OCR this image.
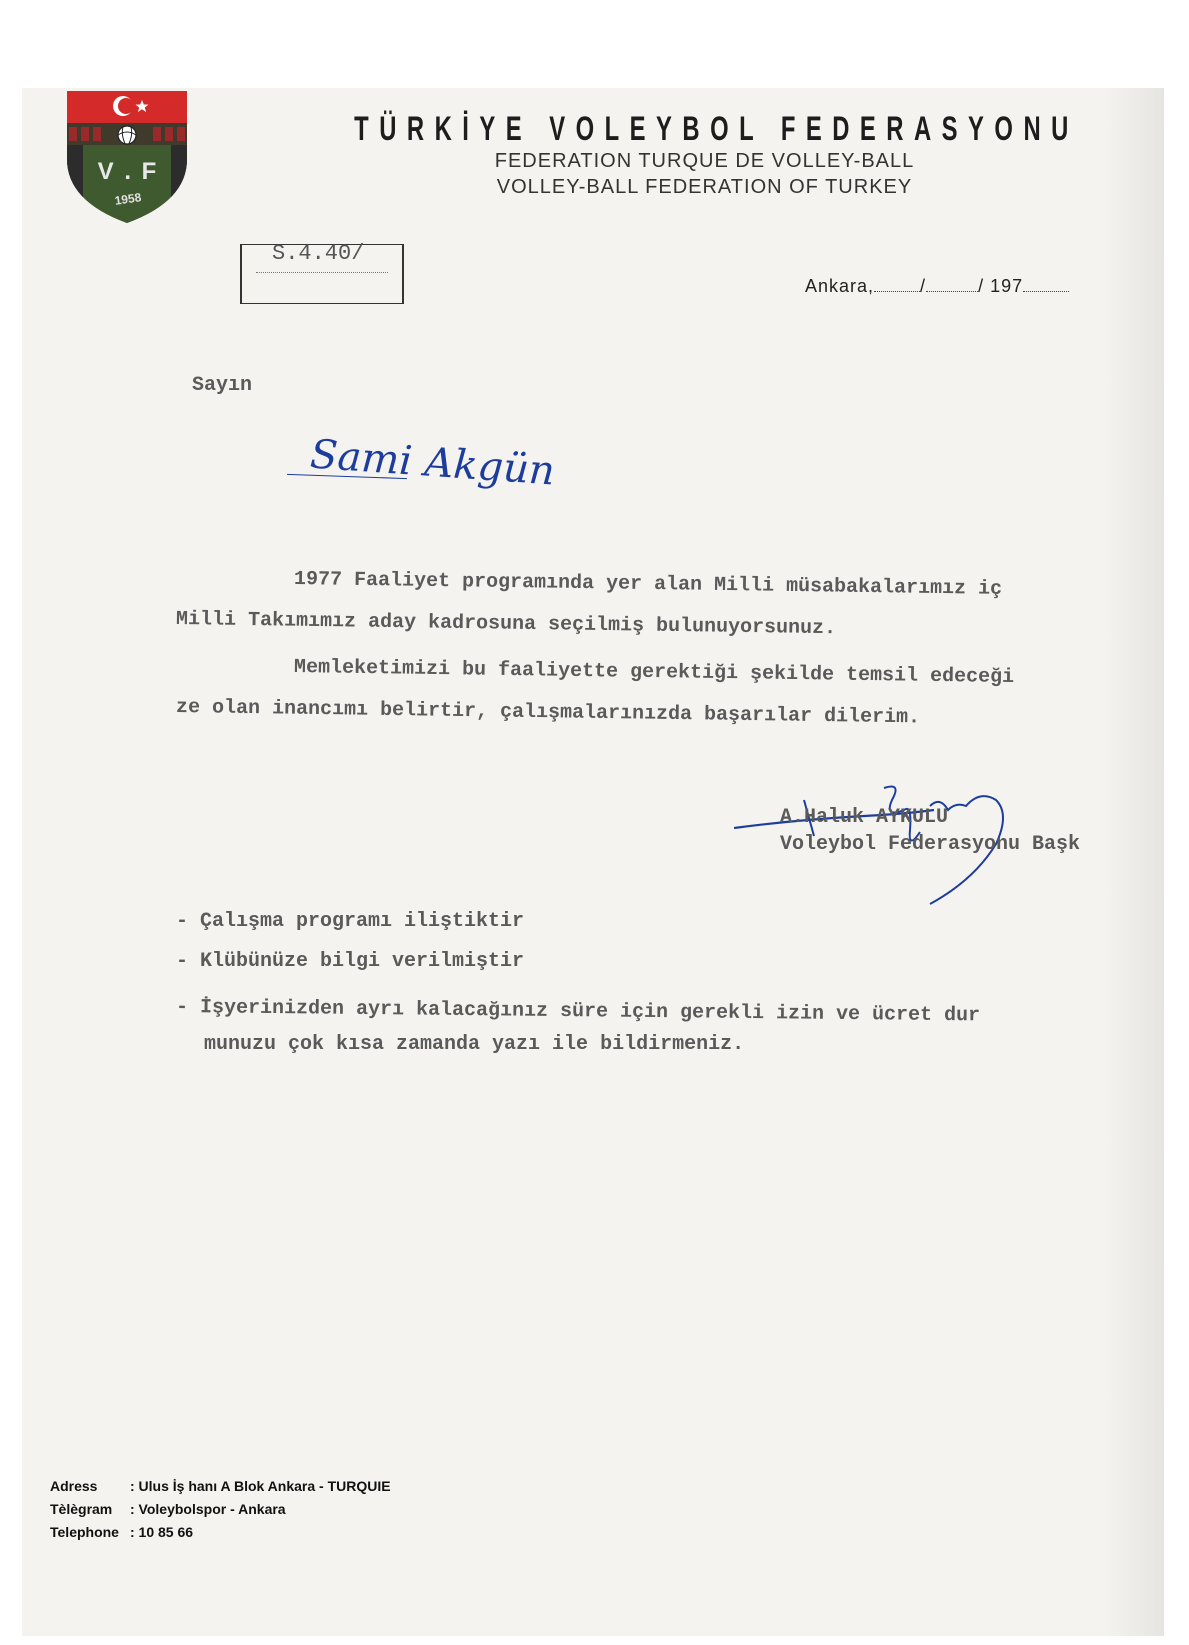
V . F
1958
TÜRKİYE VOLEYBOL FEDERASYONU
FEDERATION TURQUE DE VOLLEY-BALL
VOLLEY-BALL FEDERATION OF TURKEY
S.4.40/
Ankara,	/	/ 197
Sayın
Sami Akgün
1977 Faaliyet programında yer alan Milli müsabakalarımız iç
Milli Takımımız aday kadrosuna seçilmiş bulunuyorsunuz.
Memleketimizi bu faaliyette gerektiği şekilde temsil edeceği
ze olan inancımı belirtir, çalışmalarınızda başarılar dilerim.
A.Haluk AYKULU
Voleybol Federasyonu Başk
- Çalışma programı iliştiktir
- Klübünüze bilgi verilmiştir
- İşyerinizden ayrı kalacağınız süre için gerekli izin ve ücret dur
munuzu çok kısa zamanda yazı ile bildirmeniz.
Adress : Ulus İş hanı A Blok Ankara - TURQUIE
Tèlègram : Voleybolspor - Ankara
Telephone : 10 85 66
